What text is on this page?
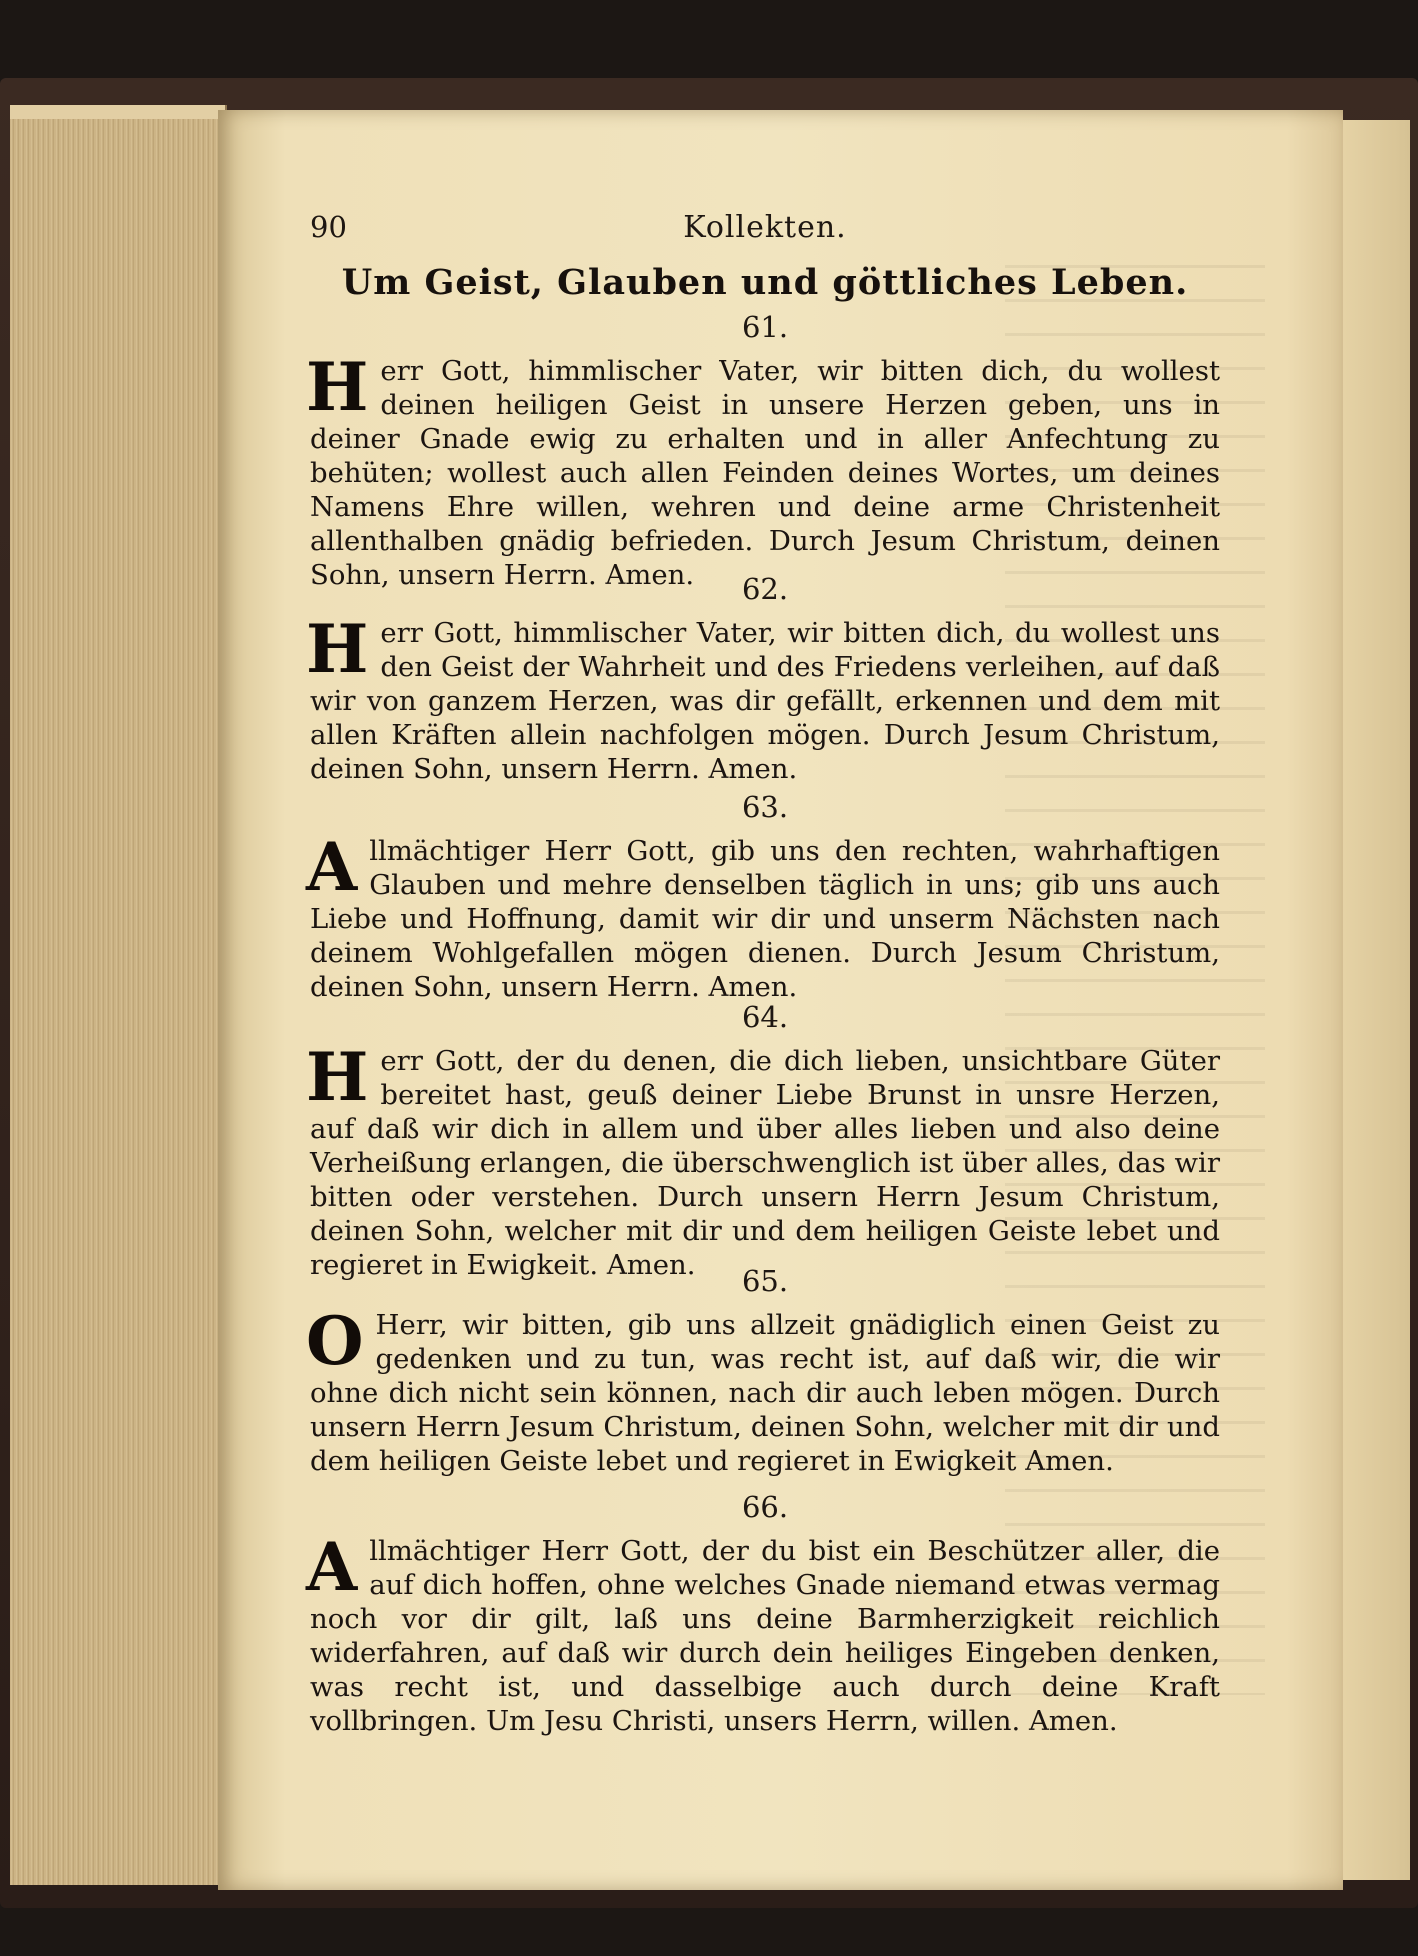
90	Kollekten.
Um Geist, Glauben und göttliches Leben.
61.

Herr Gott, himmlischer Vater, wir bitten dich, du wollest deinen heiligen Geist in unsere Herzen geben, uns in deiner Gnade ewig zu erhalten und in aller Anfechtung zu behüten; wollest auch allen Feinden deines Wortes, um deines Namens Ehre willen, wehren und deine arme Christenheit allenthalben gnädig befrieden. Durch Jesum Christum, deinen Sohn, unsern Herrn. Amen.	62.

Herr Gott, himmlischer Vater, wir bitten dich, du wollest uns den Geist der Wahrheit und des Friedens verleihen, auf daß wir von ganzem Herzen, was dir gefällt, erkennen und dem mit allen Kräften allein nachfolgen mögen. Durch Jesum Christum, deinen Sohn, unsern Herrn. Amen.

63.

Allmächtiger Herr Gott, gib uns den rechten, wahrhaftigen Glauben und mehre denselben täglich in uns; gib uns auch Liebe und Hoffnung, damit wir dir und unserm Nächsten nach deinem Wohlgefallen mögen dienen. Durch Jesum Christum, deinen Sohn, unsern Herrn. Amen.

64.

Herr Gott, der du denen, die dich lieben, unsichtbare Güter bereitet hast, geuß deiner Liebe Brunst in unsre Herzen, auf daß wir dich in allem und über alles lieben und also deine Verheißung erlangen, die überschwenglich ist über alles, das wir bitten oder verstehen. Durch unsern Herrn Jesum Christum, deinen Sohn, welcher mit dir und dem heiligen Geiste lebet und regieret in Ewigkeit. Amen.	65.

O Herr, wir bitten, gib uns allzeit gnädiglich einen Geist zu gedenken und zu tun, was recht ist, auf daß wir, die wir ohne dich nicht sein können, nach dir auch leben mögen. Durch unsern Herrn Jesum Christum, deinen Sohn, welcher mit dir und dem heiligen Geiste lebet und regieret in Ewigkeit Amen.

66.

Allmächtiger Herr Gott, der du bist ein Beschützer aller, die auf dich hoffen, ohne welches Gnade niemand etwas vermag noch vor dir gilt, laß uns deine Barmherzigkeit reichlich widerfahren, auf daß wir durch dein heiliges Eingeben denken, was recht ist, und dasselbige auch durch deine Kraft vollbringen. Um Jesu Christi, unsers Herrn, willen. Amen.
